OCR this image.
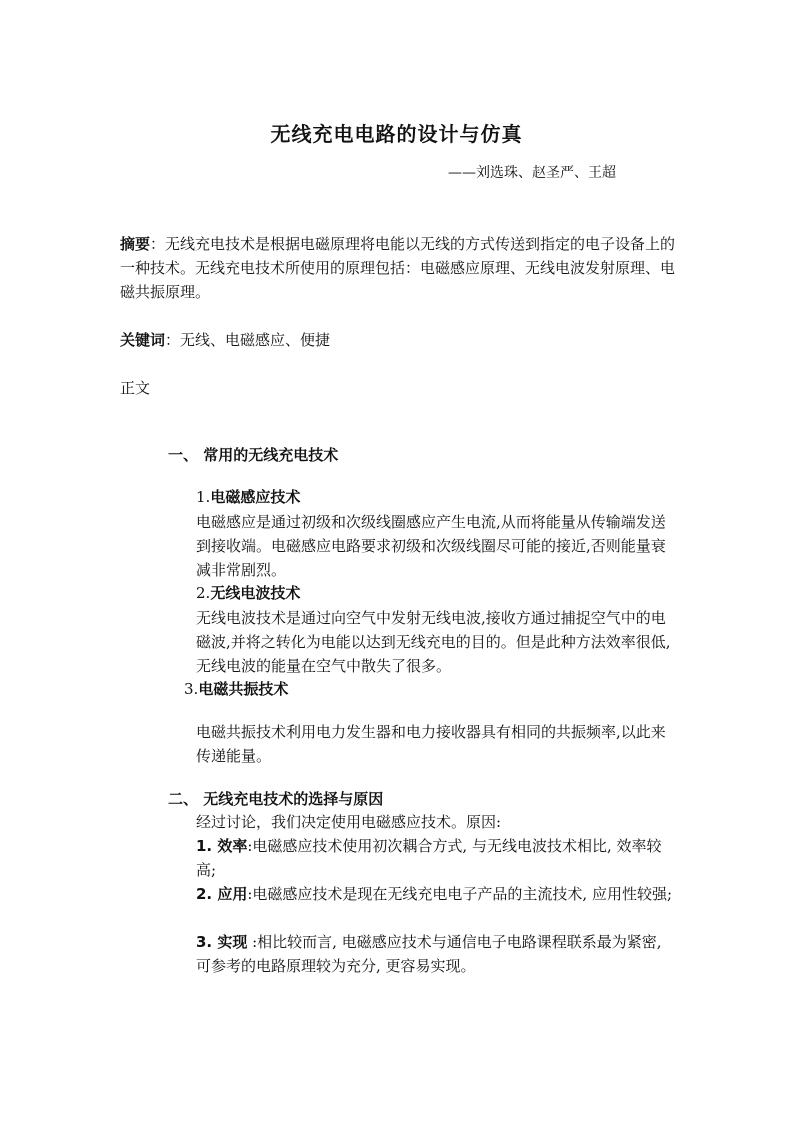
无线充电电路的设计与仿真
——刘选珠、赵圣严、王超

摘要：无线充电技术是根据电磁原理将电能以无线的方式传送到指定的电子设备上的一种技术。无线充电技术所使用的原理包括：电磁感应原理、无线电波发射原理、电磁共振原理。

关键词：无线、电磁感应、便捷

正文

一、 常用的无线充电技术
1.电磁感应技术

电磁感应是通过初级和次级线圈感应产生电流,从而将能量从传输端发送到接收端。电磁感应电路要求初级和次级线圈尽可能的接近,否则能量衰减非常剧烈。

2.无线电波技术

无线电波技术是通过向空气中发射无线电波,接收方通过捕捉空气中的电磁波,并将之转化为电能以达到无线充电的目的。但是此种方法效率很低,无线电波的能量在空气中散失了很多。

3.电磁共振技术

电磁共振技术利用电力发生器和电力接收器具有相同的共振频率,以此来传递能量。

二、 无线充电技术的选择与原因

经过讨论，我们决定使用电磁感应技术。原因:

1. 效率:电磁感应技术使用初次耦合方式, 与无线电波技术相比, 效率较高;

2. 应用:电磁感应技术是现在无线充电电子产品的主流技术, 应用性较强;

3. 实现 :相比较而言, 电磁感应技术与通信电子电路课程联系最为紧密, 可参考的电路原理较为充分, 更容易实现。
